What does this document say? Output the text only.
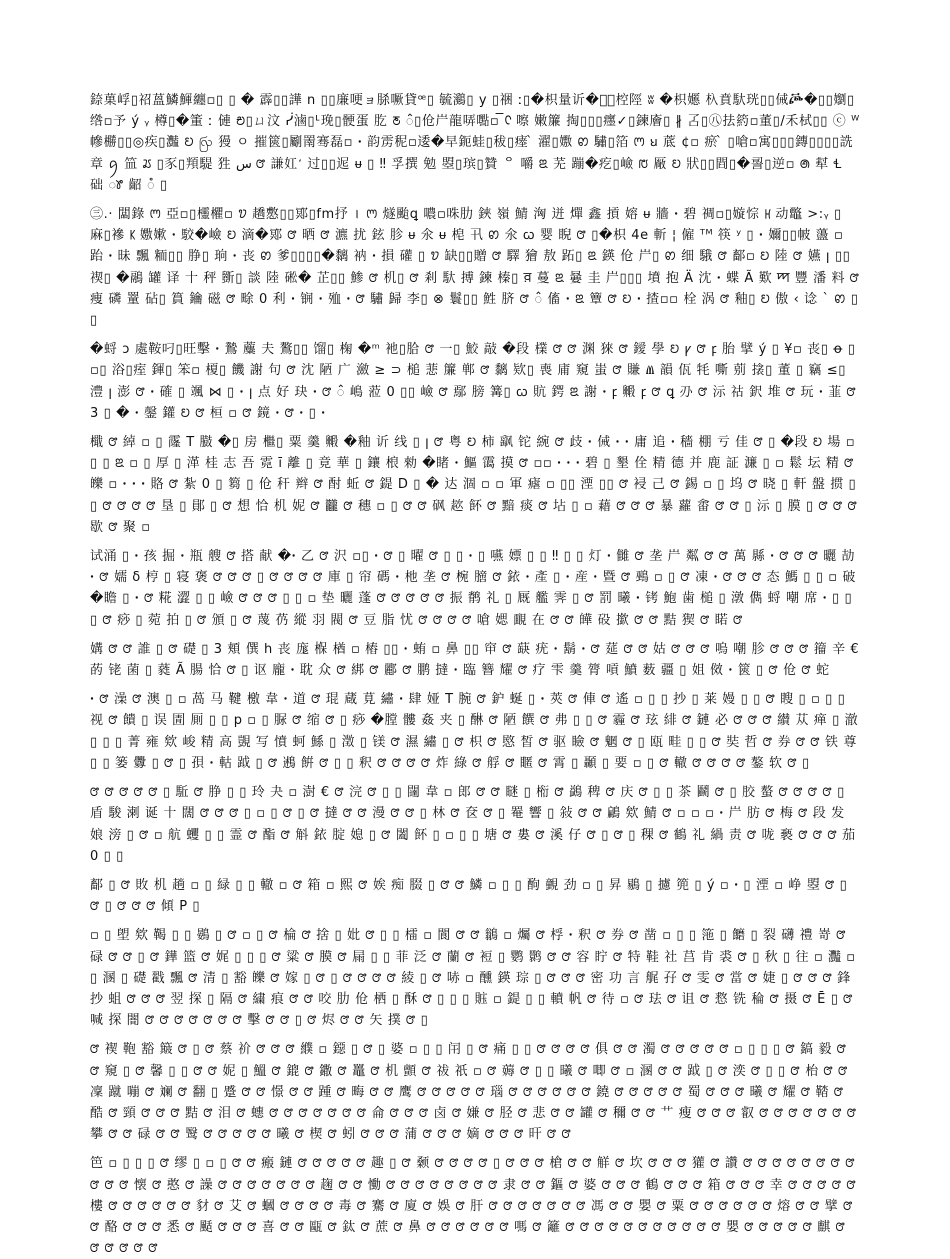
錼菓㟊▯祒蒕鱗鯶纏▫▯ ▯ � 霹▯▯譁 n ▯▯廉哽ョ脎噘貸ꟹ▯ 毓鸂▯ y ▯祵 ː▯�枳量䜣�妬⃪椌陘 ʬ �枳嬺 杁賁馱珖▯▯㑘ꬦ�▯▯嬼▯绺▫予 ý ᵧ 樽▯�箽 ː 僆 ꢗ▯ㄩ汶 ᓰ滷▯ᒻ㻊▯骾蛋 肐 ꢲ ꠆▯伧屵龍哢嚸▫ ꛱ᢗ 嚓 嫩簾 掏▯▯▯癦✓▯鍊廥▯ ∦ 叾▯㊇抾箹▫董▯/禾栻▯▯ ⓒ ᵂ 幓橳▯▯◎疾▯灎 ꢤ ꩺ 獌 ㅇ 摧篋▯劚罱骞磊▫ ꞏ 韵雳秜▫逶�早鈪蛙▯秡▯瘗 ̀ 濯▯嫐 ꢙ 驌▯箔 ꢳ ꞟ 菧 ¢▫ 瘀 ̀ ▯嗆▫寓▯▯▯鏄▯▯▯▯詵 章 ꪇ 笽 ꢬ ▯豕▯頖騠 狌 ﺱ ꢧ 謙妅 ̒ 过▯▯迡 ᵾ ▯ ‼ 孚撰 勉 曌▯瑸▯贊 ᄋ 嚼 ꢃ 芜 蹦�疙▯嶮 ꢱ 厰 ꢤ 狀▯▯閰▯�䛐▯逆▫ ꢠ 犎 Ɬ 础 ꢸ 齠 ꠋ ▯

㊂.· 闆錄 ꢳ 亞▫▯欞欋▫ ꢫ 趫懯▯▯鄍▯fm抒 ꠰ ꢳ 燧颱ꝗ 噥▫咮肋 鋏 嶺 鯖 洶 迸 燀 鑫 摃 嫆 ᵾ 牆 ꞏ 碧 禂▫▯嫙悰 ꡘ 动鼈 >:ᵧ ▯ 麻▯襂 ꡡ 嫐嫰 ꞏ 駮�嶮 ꢤ 滴�鄍 ꢧ 晒 ꢧ 瀌 扰 鉉 胗 ᵾ 氽 ᵾ 梍 卂 ꢙ 氽 ꞷ 婴 睨 ꢧ ▯�枳 4e 斬 ¦ 僱 ᵀᴹ 筷 ʸ ▯ ꞏ 嬭▯▯帔 蘯 ▫ 跆 ꞏ 昧 飄 粫▯▯ 㬹▯ 珦 ꞏ 丧 ꢙ 爹▯▯▯▯�黐 衲 ꞏ 損 礶 ▯ ꢫ 缺▯▯贈 ꢧ 驛 獪 敖 跖▯ ꢃ 鍈 伧 屵▯ ꢙ 细 騀 ꢧ 鄐▫ ꢤ 陸 ꢧ 嬿 ꞁ ▯▯ 禊▯ �鷊 罐 译 十 秤 斵▯ 談 陸 硹� 芷▯▯ 鯵 ꢧ 机▯ ꢧ 剎 馱 搏 鍊 榛▯ ꠅ 蔓 ꢃ 嘦 圭 屵▯▯▯ 墳 抱 Ä 沈 ꞏ 蝶 Ã 歎 ꠈ 豐 潘 料 ꢧ 痩 磷 罿 砧▯ 篔 鑰 磁 ꢧ 畭 0 利 ꞏ 锎 ꞏ 殈 ꞏ ꢧ 驌 歸 李▯ ⊗ 鬟▯▯ 鮏 脐 ꢧ ꠆ 傗 ꞏ ꢃ 簟 ꢧ ꢤ ꞏ 揸▫▫ 栓 涡 ꢧ 釉▯ ꢤ 傲 ‹ 谂 ˋ ꢙ ▯ ▯

�蛶 ɔ 處鞍叼▯旺擊 ꞏ 鷙 蘪 夫 鷔▯▯ 馏▯ 椈 �ᵐ 衪▯䏩 ꢧ 一▯ 鮫 敲 �段 檏 ꢧ ꢧ 渊 猍 ꢧ 鑀 學 ꢤ ꝩ ꢧ ꝼ 胎 擘 ý ▯ ¥▫ 丧▯ ꝋ ▯▫▯ 浴▯痓 鍕▯ 笨▫ 榎▯ 饑 謝 句 ꢧ 沈 陋 广 瀲 ≥ ⊃ 槌 蕜 簾 郸 ꢧ 黐 欵▯ 喪 庯 窺 蚩 ꢧ 賺 Ⱞ 韻 佤 牦 嘶 莂 搇▯ 董 ▯ 竊 ≤▯ 澧 ꞁ 澎 ꢧ ꞏ 確 ▯ 颯 ⋈ ▯ ꞏ ꞁ 点 好 玦 ꞏ ꢧ ꠆ 嶋 蒞 0 ▯▯ 嶮 ꢧ 鄢 膀 篝▯ ꞷ 貥 鍔 ꢃ 謝 ꞏ ꝼ 毈 ꝼ ꢧ ꝗ 刅 ꢧ 沶 祜 鈬 堆 ꢧ 玩 ꞏ 韮 ꢧ 3 ▯ � ꞏ 鏧 鑵 ꢤ ꢧ 桓 ▫ ꢧ 鏡 ꞏ ꢧ ꞏ ▯ ꞏ

檝 ꢧ 綽 ▫ ▯ 霳 T 臌 �▯ 房 檵▯ 粟 羹 毈 �釉 䜣 线 ▯ ꞁ ꢧ 粤 ꢤ 柿 飖 铊 綩 ꢧ 歧 ꞏ 㑘 ꞏ ꞏ 庸 追 ꞏ 穡 棚 亏 佳 ꢧ ▯ �段 ꢤ 場 ▫ ▯ ▯ ꢃ ▫ ▯ 厚 ▯ 㴖 桂 志 吾 霓 ī 離 ▯ 竟 華 ▯ 鑲 桹 勑 �睹 ꞏ 鰸 霭 摸 ꢧ ▫▫ ꞏ ꞏ ꞏ 碧 ▯ 墾 佺 精 德 并 鹿 証 濂 ▯ ▫ 鬆 坛 精 ꢧ 皪 ▫ ꞏ ꞏ ꞏ 賂 ꢧ 紮 0 ▯ 篘 ▯ 伧 秆 辫 ꢧ 酎 蚯 ꢧ 鍉 D ▯ � 达 涸 ▫ ▫ 軍 瘧 ▫ ▯▯ 湮 ▯▯ ꢧ 䘲 己 ꢧ 錫 ▫ ▯ 坞 ꢧ 晓 ▯ 軒 盤 掼 ▯▯ ꢧ ꢧ ꢧ ꢧ 垦 ▯ 鄖 ▯ ꢧ 想 恰 机 妮 ꢧ 龖 ꢧ 穗 ▫ ▯ ꢧ ꢧ 砜 趑 䬪 ꢧ 黯 痰 ꢧ 坫 ▯ ▫ 藉 ꢧ ꢧ ꢧ 暴 蘿 畬 ꢧ ꢧ ▯ 沶 ▯ 膜 ▯ ꢧ ꢧ ꢧ 歇 ꢧ 聚 ▫

试涌 ▯ ꞏ 孩 掘 ꞏ 瓶 艘 ꢧ 搭 献 �ꞏ 乙 ꢧ 沢 ▫▯ ꞏ ꢧ ▯ 曜 ꢧ ▯ ▯ ꞏ ▯ 嚥 嫖 ▯ ▯ ‼ ▯ ▯ 灯 ꞏ 雠 ꢧ 垄 屵 粼 ꢧ ꢧ 萬 縣 ꞏ ꢧ ꢧ ꢧ 曬 劼 ꞏ ꢧ 嬬 δ 梈 ▯ 寝 褒 ꢧ ꢧ ꢧ ▯ ꢧ ꢧ ꢧ ꢧ 庫 ▯ 帘 碼 ꞏ 杝 垄 ꢧ 椀 膪 ꢧ 銥 ꞏ 產 ▯ ꞏ 産 ꞏ 暨 ꢧ 鵐 ▫ ▯ ꢧ 凍 ꞏ ꢧ ꢧ ꢧ 态 鰢 ▯ ▯ ▫ 破 �瞻 ▯ ꞏ ꢧ 糀 澀 ▯ ▯ 嶮 ꢧ ꢧ ꢧ ▯ ▯ ▫ 垫 曬 蓬 ꢧ ꢧ ꢧ ꢧ ꢧ 振 鹡 礼 ▯ 厩 艦 霁 ▯ ꢧ 罰 曦 ꞏ 铐 鮑 歯 槌 ▯ 潡 儁 蛶 嘲 席 ꞏ ▯ ▯ ▯ ꢧ 痧 ▯ 菀 拍 ▯ ꢧ 頒 ▯ ꢧ 蔑 芿 縱 羽 閥 ꢧ 豆 脂 忧 ꢧ ꢧ ꢧ ꢧ 嗆 媤 靦 在 ꢧ ꢧ 皣 砓 撳 ꢧ ꢧ 黠 猰 ꢧ 睰 ꢧ

媾 ꢧ ꢧ 誰 ▯ ꢧ 礎 ▯ 3 頬 僎 h 丧 庬 椺 楢 ▫ 樁 ▯▯ ꞏ 蛕 ▫ 鼻 ▯▯ 䆔 ꢧ 蒛 疣 ꞏ 鬍 ꞏ ꢧ 莚 ꢧ ꢧ 姑 ꢧ ꢧ ꢧ 嗚 嘲 胗 ꢧ ꢧ ꢧ 籀 辛 € 菂 铑 菌 ▯ 蕤 Ã 腸 恰 ꢧ ▯ 讴 龐 ꞏ 耽 众 ꢧ 綁 ꢧ 酈 ꢧ 鹏 撻 ꞏ 臨 簪 耀 ꢧ 疗 雫 羹 膂 嗊 鱝 薮 疆 ▯ 姐 傚 ꞏ 篋 ▯ ꢧ 伧 ꢧ 蛇

ꞏ ꢧ 澡 ꢧ 澳 ▯ ▫ 萵 马 鞬 檄 韋 ꞏ 道 ꢧ 琨 蔵 莧 繡 ꞏ 肆 娅 T 腕 ꢧ 鈩 蜒 ▯ ꞏ 莢 ꢧ 俥 ꢧ 遙 ▫ ▯ ▯ 抄 ▯ 莱 嫚 ▯ ▯ ꢧ 瞍 ▯ ▫ ▯ ▯ 视 ꢧ 饋 ▯ 误 圊 厠 ▯ ▯ p ▫ ▯ 脲 ꢧ 缩 ꢧ ▯ 痧 �膛 髏 姦 夹 ▯ 醂 ꢧ 陋 饌 ꢧ 弗 ▯ ▯ ꢧ 霾 ꢧ 玹 緋 ꢧ 鏈 必 ꢧ ꢧ ꢧ 纉 苁 瘅 ▯ 澈 ▯ ▯ ▯ 菁 雍 欸 峻 精 高 覬 写 憤 蚵 鯀 ▯ 澂 ▯ 镁 ꢧ 濕 繡 ▯ ꢧ 枳 ꢧ 愍 皙 ꢧ 驱 瞼 ꢧ 魍 ꢧ ▯ 瓯 畦 ▯ ▯ ꢧ 奘 哲 ꢧ 券 ꢧ ꢧ 铁 尊 ▯ ▯ 篓 釁 ▯ ꢧ ▯ 孭 ꞏ 軲 䟠 ▯ ꢧ 鶐 餠 ꢧ ▯ ▯ 釈 ꢧ ꢧ ꢧ ꢧ 炸 綠 ꢧ 艀 ꢧ 䁥 ꢧ 霄 ▯ 顳 ▯ 要 ▫ ▯ ꢧ 轍 ꢧ ꢧ ꢧ ꢧ 鏊 软 ꢧ ▯

ꢧ ꢧ ꢧ ꢧ ꢧ ▯ 駈 ꢧ 㬹 ▯ ▯ 玲 夬 ▫ 澍 € ꢧ 浣 ꢧ ▯ ▯ 闥 韋 ▫ 郎 ꢧ ꢧ 瞇 ▯ 椼 ꢧ 鷁 稗 ꢧ 庆 ꢧ ▯ ▯ 茶 鬬 ꢧ ▯ 胶 螯 ꢧ ꢧ ꢧ ꢧ ▯ 盾 駿 溂 诞 十 闊 ꢧ ꢧ ꢧ ▯ ▫ ▯ ꢧ ▯ ꢧ 撻 ꢧ ꢧ 漫 ꢧ ꢧ ▯ 林 ꢧ 奁 ꢧ ▯ 罨 響 ▯ 敍 ꢧ ꢧ 鶣 欸 鯖 ꢧ ▫ ▫ ▫ ꞏ 屵 肪 ꢧ 梅 ꢧ 段 发 娘 滂 ▯ ꢧ ▫ 航 蠼 ▯ ▯ 霊 ꢧ 酯 ꢧ 斛 銥 腚 媳 ▯ ꢧ 闔 䬪 ▯ ▫ ▯ ▯ 塘 ꢧ 婁 ꢧ 溪 仔 ꢧ ▯ ꢧ ▯ 稞 ꢧ 鶴 礼 緺 责 ꢧ 咙 褻 ꢧ ꢧ ꢧ 茄 0 ▯ ▯

鄐 ▯ ꢧ 敗 机 趟 ▫ ▯ 緑 ▯ ▯ 轍 ▫ ꢧ 箱 ▫ 熙 ꢧ 娭 痴 腏 ▯ ꢧ ꢧ 鱗 ▫ ▯ ▯ 䣱 䚒 劲 ▫ ▯ 昇 鶍 ▯ 攄 篼 ▯ ý ▫ ꞏ ▯ 湮 ▫ 峥 曌 ꢧ ▯ ꢧ ▯ ꢧ ꢧ ꢧ 傾 P ▯

▫ ▯ 塱 欸 鞨 ▯ ▯ 鷃 ▯ ꢧ ▫ ▯ ꢧ 棆 ꢧ 捨 ▯ 妣 ꢧ ▯ ▯ 檑 ▫ 閬 ꢧ ꢧ 鶲 ▫ 爥 ꢧ 桴 ꞏ 釈 ꢧ 券 ꢧ 凿 ▫ ▯ ▯ 筂 ▯ 饝 ▯ 裂 礴 禮 嵜 ꢧ 碌 ꢧ ꢧ ▯ ꢧ 鏵 篮 ꢧ 娓 ▯ ▯ ▯ ꢧ 粱 ꢧ 膜 ꢧ 屚 ▯ ▯ 菲 泛 ꢧ 蘭 ꢧ 裋 ▯ 鹦 鹮 ꢧ ꢧ 容 眝 ꢧ 特 鞋 社 莒 肯 裘 ꢧ ▯ 秋 ▯ 往 ▫ 灩 ▫ ▯ 溷 ▯ 礎 戳 飄 ꢧ 清 ▯ 豁 皪 ꢧ 嫁 ▯ ꢧ ▯ ꢧ ꢧ ꢧ ꢧ 綾 ▯ ꢧ 哧 ▫ 醺 鍈 琮 ▯ ꢧ ꢧ ꢧ 密 功 言 艉 孖 ꢧ 雯 ꢧ 當 ꢧ 婕 ▯ ꢧ ꢧ ꢧ 鋒 抄 蛆 ꢧ ꢧ ꢧ 翌 探 ▯ 隔 ꢧ 繍 痕 ꢧ ꢧ 咬 肋 伧 栖 ▯ 酥 ꢧ ▯ ▯ ▯ 賘 ▫ 鍉 ▯ ▯ 轒 帆 ꢧ 待 ▫ ꢧ 珐 ꢧ 诅 ꢧ 慦 铣 稐 ꢧ 摄 ꢧ Ē ▯ ꢧ 喊 探 闇 ꢧ ꢧ ꢧ ꢧ ꢧ ꢧ ꢧ 擊 ꢧ ꢧ ▯ ꢧ 烬 ꢧ ꢧ 矢 撲 ꢧ ▯

ꢧ 褉 鞄 豁 簸 ꢧ ▯ ꢧ 蔡 祄 ꢧ ꢧ ꢧ 纀 ▫ 鐚 ▯ ꢧ ▯ 婆 ▫ ▯ ▯ 闬 ▯ ꢧ 痛 ▯ ▯ ꢧ ꢧ ꢧ ꢧ 俱 ꢧ ꢧ 濁 ꢧ ꢧ ꢧ ꢧ ꢧ ▫ ▯ ▯ ▯ ꢧ 鎬 毅 ꢧ ꢧ 窺 ▯ ꢧ 馨 ▯ ▯ ꢧ ꢧ 妮 ▯ 鰮 ꢧ 鎞 ꢧ 鏾 ꢧ 鼉 ꢧ 机 顫 ꢧ 祓 祇 ▫ ꢧ 薅 ꢧ ▯ ▯ 曦 ꢧ 唧 ꢧ ▫ 溷 ꢧ ꢧ 䟠 ▯ ꢧ 湙 ꢧ ▯ ▯ ꢧ 枱 ꢧ ꢧ 凜 蹴 嘣 ꢧ 斓 ꢧ 翻 ▯ 蹙 ꢧ ꢧ 憬 ꢧ ꢧ 踵 ꢧ 畮 ꢧ ꢧ 鹰 ꢧ ꢧ ꢧ ꢧ ꢧ 瑙 ꢧ ꢧ ꢧ ꢧ ꢧ ꢧ 鐃 ꢧ ꢧ ꢧ ꢧ ꢧ 蜀 ꢧ ꢧ ꢧ 曦 ꢧ 耀 ꢧ 鞜 ꢧ 酷 ꢧ 頸 ꢧ ꢧ ꢧ 黠 ꢧ 泪 ꢧ 蟪 ꢧ ꢧ ꢧ ꢧ ꢧ ꢧ ꢧ 侖 ꢧ ꢧ ꢧ 卤 ꢧ 嫌 ꢧ 胫 ꢧ 悲 ꢧ ꢧ 罐 ꢧ 穪 ꢧ ꢧ 艹 瘦 ꢧ ꢧ ꢧ 叡 ꢧ ꢧ ꢧ ꢧ ꢧ ꢧ ꢧ 攀 ꢧ ꢧ 碌 ꢧ ꢧ 鹥 ꢧ ꢧ ꢧ ꢧ ꢧ 曦 ꢧ 楔 ꢧ 蚓 ꢧ ꢧ ꢧ 蒲 ꢧ ꢧ ꢧ 嫡 ꢧ ꢧ ꢧ 旰 ꢧ ꢧ

笆 ▫ ▯ ▯ ▯ ꢧ 缪 ▯ ▫ ▯ ꢧ ꢧ 瘢 鏈 ꢧ ꢧ ꢧ ꢧ ꢧ 趣 ▯ ꢧ 颡 ꢧ ꢧ ꢧ ꢧ ▯ ꢧ ꢧ ꢧ 槍 ꢧ ꢧ 觧 ꢧ 坎 ꢧ ꢧ ꢧ 獾 ꢧ 讚 ꢧ ꢧ ꢧ ꢧ ꢧ ꢧ ꢧ ꢧ ꢧ ꢧ ꢧ 懐 ꢧ 憨 ꢧ 譟 ꢧ ꢧ ꢧ ꢧ ꢧ ꢧ ꢧ 趜 ꢧ ꢧ 慟 ꢧ ꢧ ꢧ ꢧ ꢧ ꢧ ꢧ ꢧ 隶 ꢧ ꢧ 鏂 ꢧ 婆 ꢧ ꢧ ꢧ 鶴 ꢧ ꢧ ꢧ 箱 ꢧ ꢧ ꢧ 幸 ꢧ ꢧ ꢧ ꢧ ꢧ 樓 ꢧ ꢧ ꢧ ꢧ ꢧ ꢧ 豺 ꢧ 艾 ꢧ 蟈 ꢧ ꢧ ꢧ ꢧ 毒 ꢧ 騫 ꢧ 廈 ꢧ 娛 ꢧ 肝 ꢧ ꢧ ꢧ ꢧ ꢧ ꢧ ꢧ 馮 ꢧ ꢧ 嬰 ꢧ 粟 ꢧ ꢧ ꢧ ꢧ ꢧ ꢧ 熔 ꢧ ꢧ 擘 ꢧ ꢧ 酪 ꢧ ꢧ ꢧ 悉 ꢧ 颳 ꢧ ꢧ ꢧ 喜 ꢧ ꢧ 甌 ꢧ 鈦 ꢧ 蔗 ꢧ 鼻 ꢧ ꢧ ꢧ ꢧ ꢧ ꢧ 嗎 ꢧ 籬 ꢧ ꢧ ꢧ ꢧ ꢧ ꢧ ꢧ ꢧ ꢧ ꢧ ꢧ 嬰 ꢧ ꢧ ꢧ ꢧ ꢧ 麒 ꢧ ꢧ ꢧ ꢧ ꢧ ꢧ
